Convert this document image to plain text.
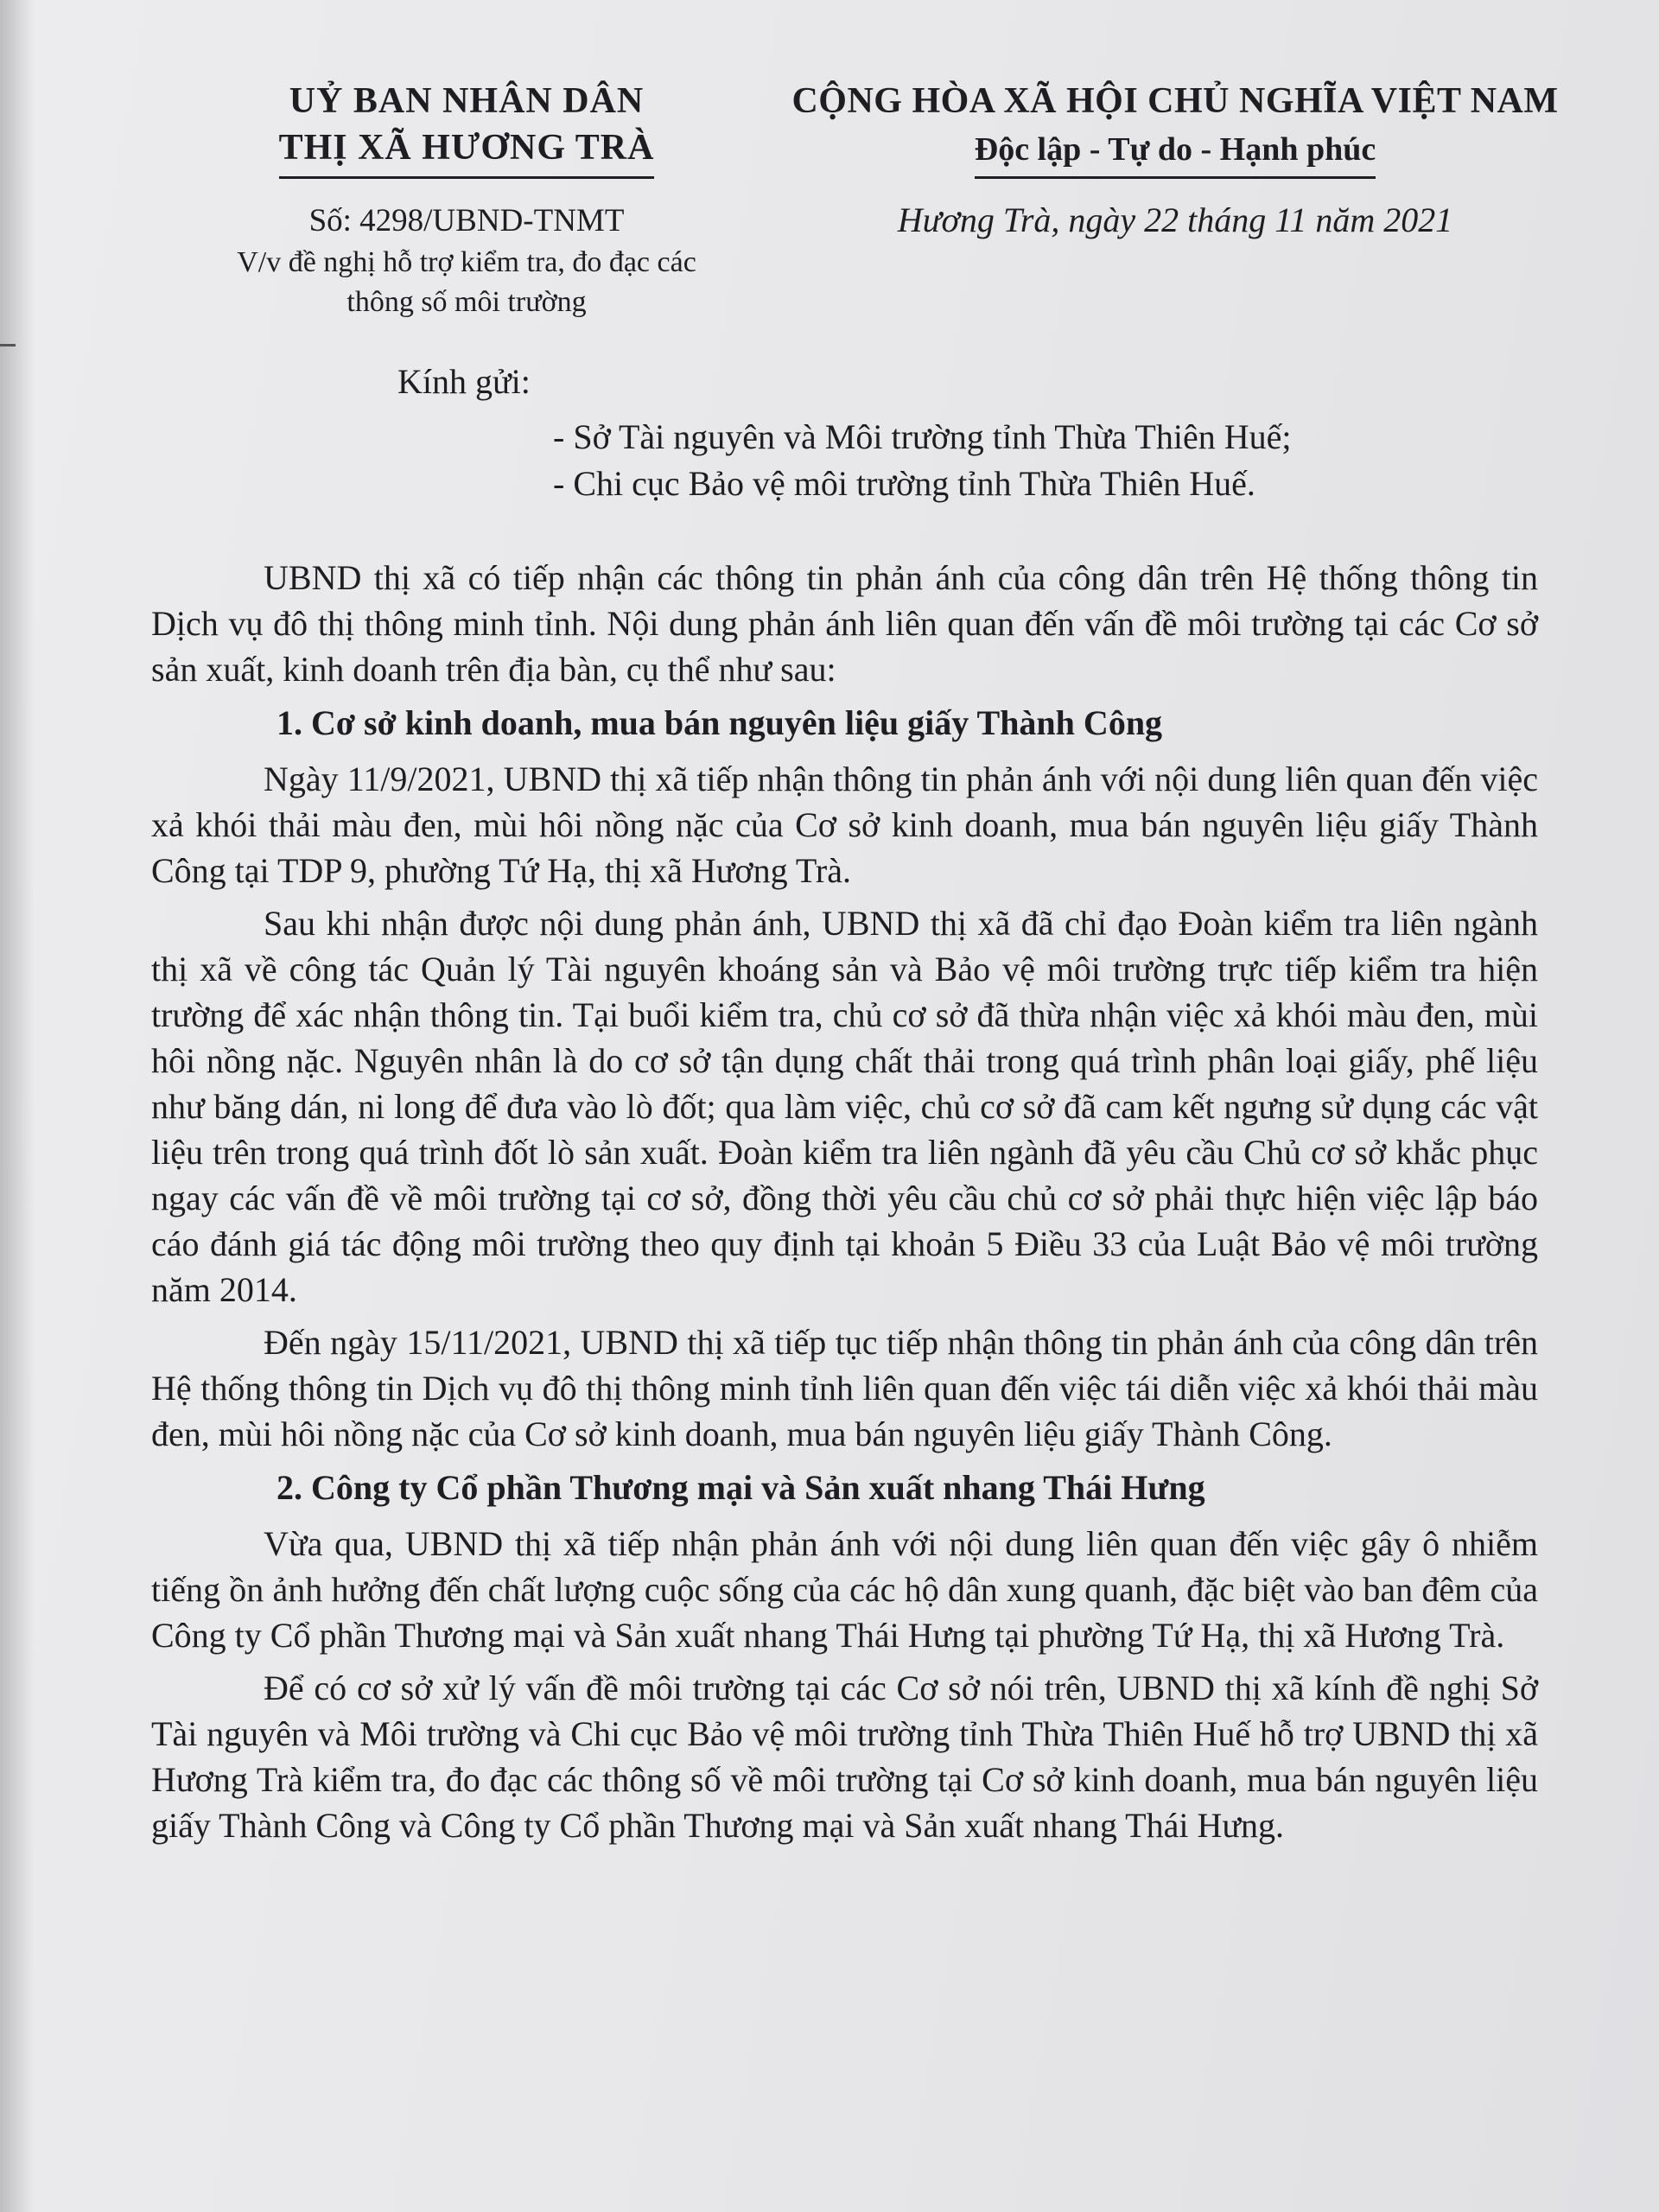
UỶ BAN NHÂN DÂN
THỊ XÃ HƯƠNG TRÀ
Số: 4298/UBND-TNMT
V/v đề nghị hỗ trợ kiểm tra, đo đạc các
thông số môi trường
CỘNG HÒA XÃ HỘI CHỦ NGHĨA VIỆT NAM
Độc lập - Tự do - Hạnh phúc
Hương Trà, ngày 22 tháng 11 năm 2021
Kính gửi:
- Sở Tài nguyên và Môi trường tỉnh Thừa Thiên Huế;
- Chi cục Bảo vệ môi trường tỉnh Thừa Thiên Huế.

UBND thị xã có tiếp nhận các thông tin phản ánh của công dân trên Hệ thống thông tin Dịch vụ đô thị thông minh tỉnh. Nội dung phản ánh liên quan đến vấn đề môi trường tại các Cơ sở sản xuất, kinh doanh trên địa bàn, cụ thể như sau:

1. Cơ sở kinh doanh, mua bán nguyên liệu giấy Thành Công

Ngày 11/9/2021, UBND thị xã tiếp nhận thông tin phản ánh với nội dung liên quan đến việc xả khói thải màu đen, mùi hôi nồng nặc của Cơ sở kinh doanh, mua bán nguyên liệu giấy Thành Công tại TDP 9, phường Tứ Hạ, thị xã Hương Trà.

Sau khi nhận được nội dung phản ánh, UBND thị xã đã chỉ đạo Đoàn kiểm tra liên ngành thị xã về công tác Quản lý Tài nguyên khoáng sản và Bảo vệ môi trường trực tiếp kiểm tra hiện trường để xác nhận thông tin. Tại buổi kiểm tra, chủ cơ sở đã thừa nhận việc xả khói màu đen, mùi hôi nồng nặc. Nguyên nhân là do cơ sở tận dụng chất thải trong quá trình phân loại giấy, phế liệu như băng dán, ni long để đưa vào lò đốt; qua làm việc, chủ cơ sở đã cam kết ngưng sử dụng các vật liệu trên trong quá trình đốt lò sản xuất. Đoàn kiểm tra liên ngành đã yêu cầu Chủ cơ sở khắc phục ngay các vấn đề về môi trường tại cơ sở, đồng thời yêu cầu chủ cơ sở phải thực hiện việc lập báo cáo đánh giá tác động môi trường theo quy định tại khoản 5 Điều 33 của Luật Bảo vệ môi trường năm 2014.

Đến ngày 15/11/2021, UBND thị xã tiếp tục tiếp nhận thông tin phản ánh của công dân trên Hệ thống thông tin Dịch vụ đô thị thông minh tỉnh liên quan đến việc tái diễn việc xả khói thải màu đen, mùi hôi nồng nặc của Cơ sở kinh doanh, mua bán nguyên liệu giấy Thành Công.

2. Công ty Cổ phần Thương mại và Sản xuất nhang Thái Hưng

Vừa qua, UBND thị xã tiếp nhận phản ánh với nội dung liên quan đến việc gây ô nhiễm tiếng ồn ảnh hưởng đến chất lượng cuộc sống của các hộ dân xung quanh, đặc biệt vào ban đêm của Công ty Cổ phần Thương mại và Sản xuất nhang Thái Hưng tại phường Tứ Hạ, thị xã Hương Trà.

Để có cơ sở xử lý vấn đề môi trường tại các Cơ sở nói trên, UBND thị xã kính đề nghị Sở Tài nguyên và Môi trường và Chi cục Bảo vệ môi trường tỉnh Thừa Thiên Huế hỗ trợ UBND thị xã Hương Trà kiểm tra, đo đạc các thông số về môi trường tại Cơ sở kinh doanh, mua bán nguyên liệu giấy Thành Công và Công ty Cổ phần Thương mại và Sản xuất nhang Thái Hưng.
